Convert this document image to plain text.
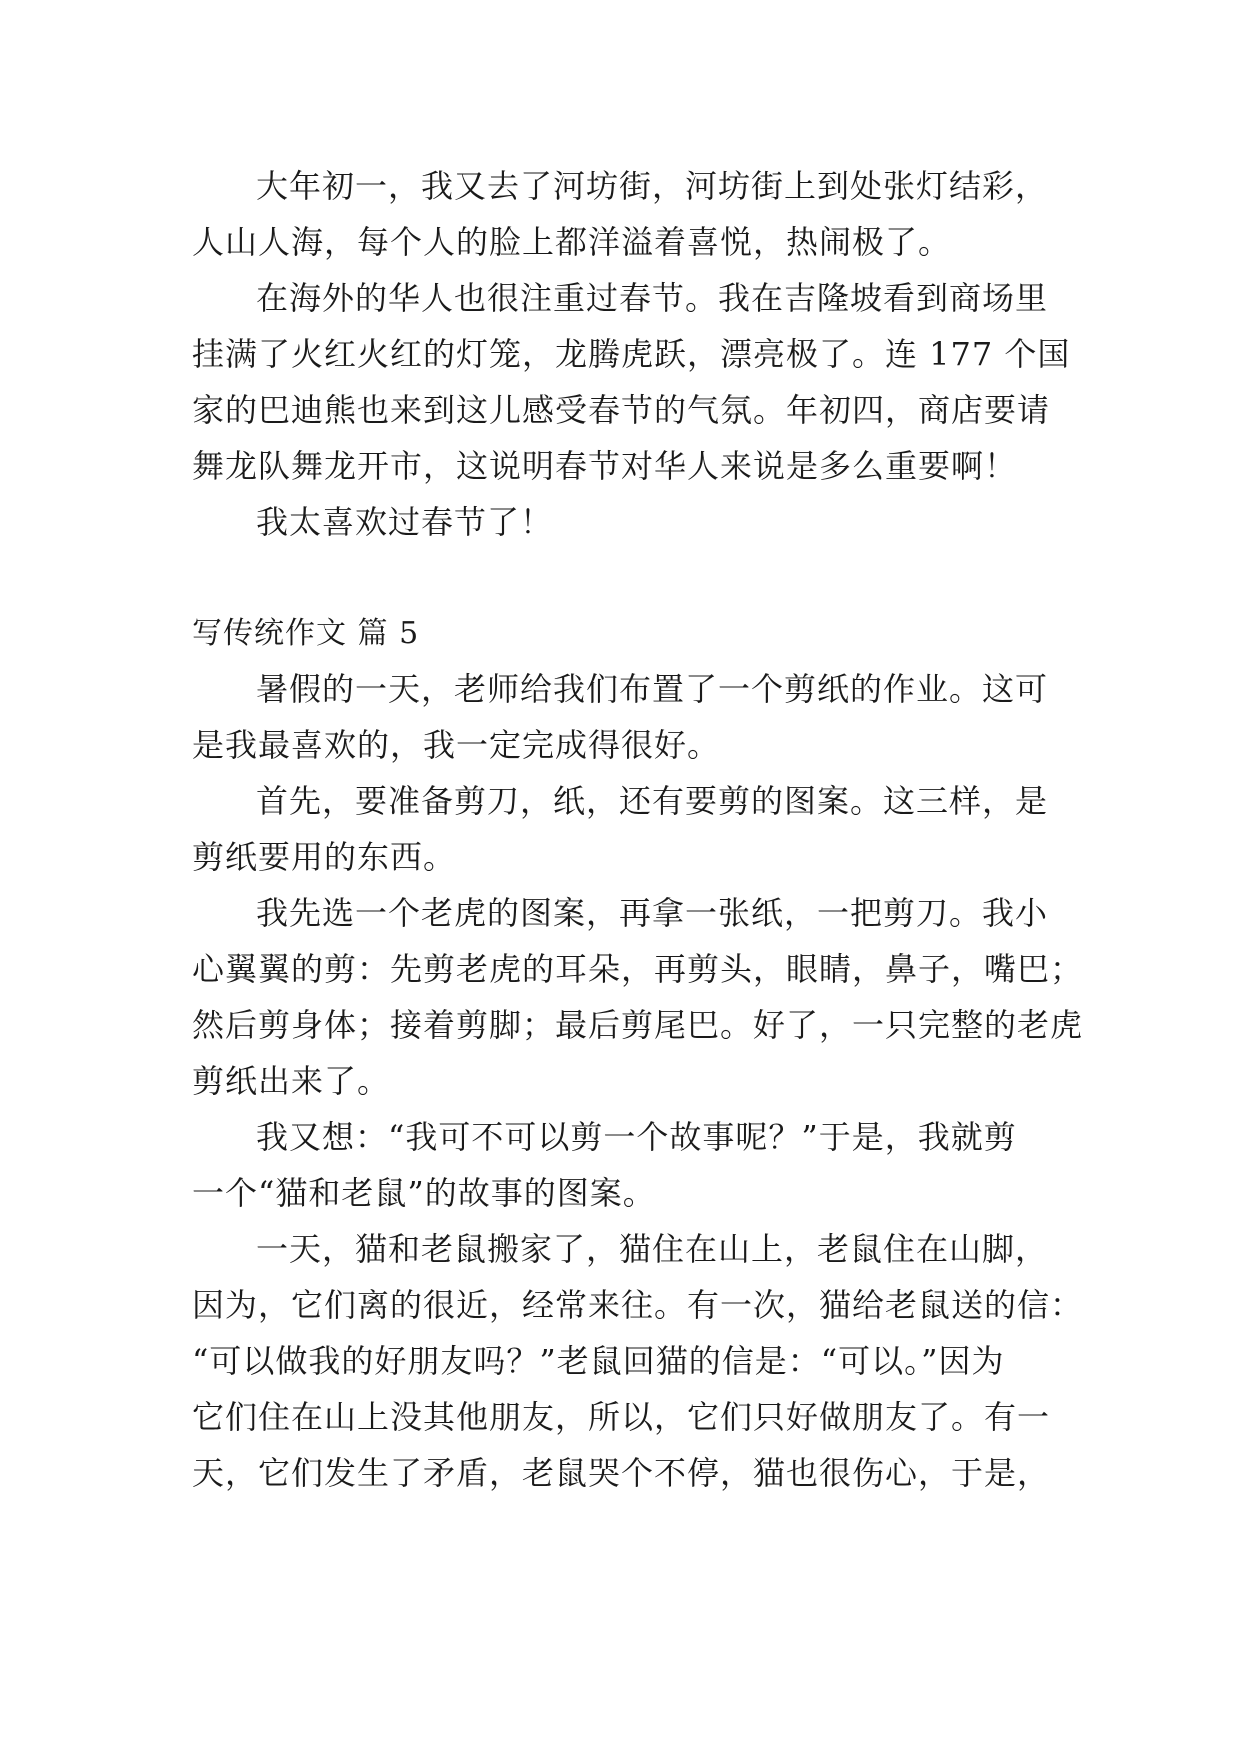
大年初一，我又去了河坊街，河坊街上到处张灯结彩，
人山人海，每个人的脸上都洋溢着喜悦，热闹极了。
在海外的华人也很注重过春节。我在吉隆坡看到商场里
挂满了火红火红的灯笼，龙腾虎跃，漂亮极了。连 177 个国
家的巴迪熊也来到这儿感受春节的气氛。年初四，商店要请
舞龙队舞龙开市，这说明春节对华人来说是多么重要啊！
我太喜欢过春节了！
写传统作文 篇 5
暑假的一天，老师给我们布置了一个剪纸的作业。这可
是我最喜欢的，我一定完成得很好。
首先，要准备剪刀，纸，还有要剪的图案。这三样，是
剪纸要用的东西。
我先选一个老虎的图案，再拿一张纸，一把剪刀。我小
心翼翼的剪：先剪老虎的耳朵，再剪头，眼睛，鼻子，嘴巴；
然后剪身体；接着剪脚；最后剪尾巴。好了，一只完整的老虎
剪纸出来了。
我又想：“我可不可以剪一个故事呢？”于是，我就剪
一个“猫和老鼠”的故事的图案。
一天，猫和老鼠搬家了，猫住在山上，老鼠住在山脚，
因为，它们离的很近，经常来往。有一次，猫给老鼠送的信：
“可以做我的好朋友吗？”老鼠回猫的信是：“可以。”因为
它们住在山上没其他朋友，所以，它们只好做朋友了。有一
天，它们发生了矛盾，老鼠哭个不停，猫也很伤心，于是，
